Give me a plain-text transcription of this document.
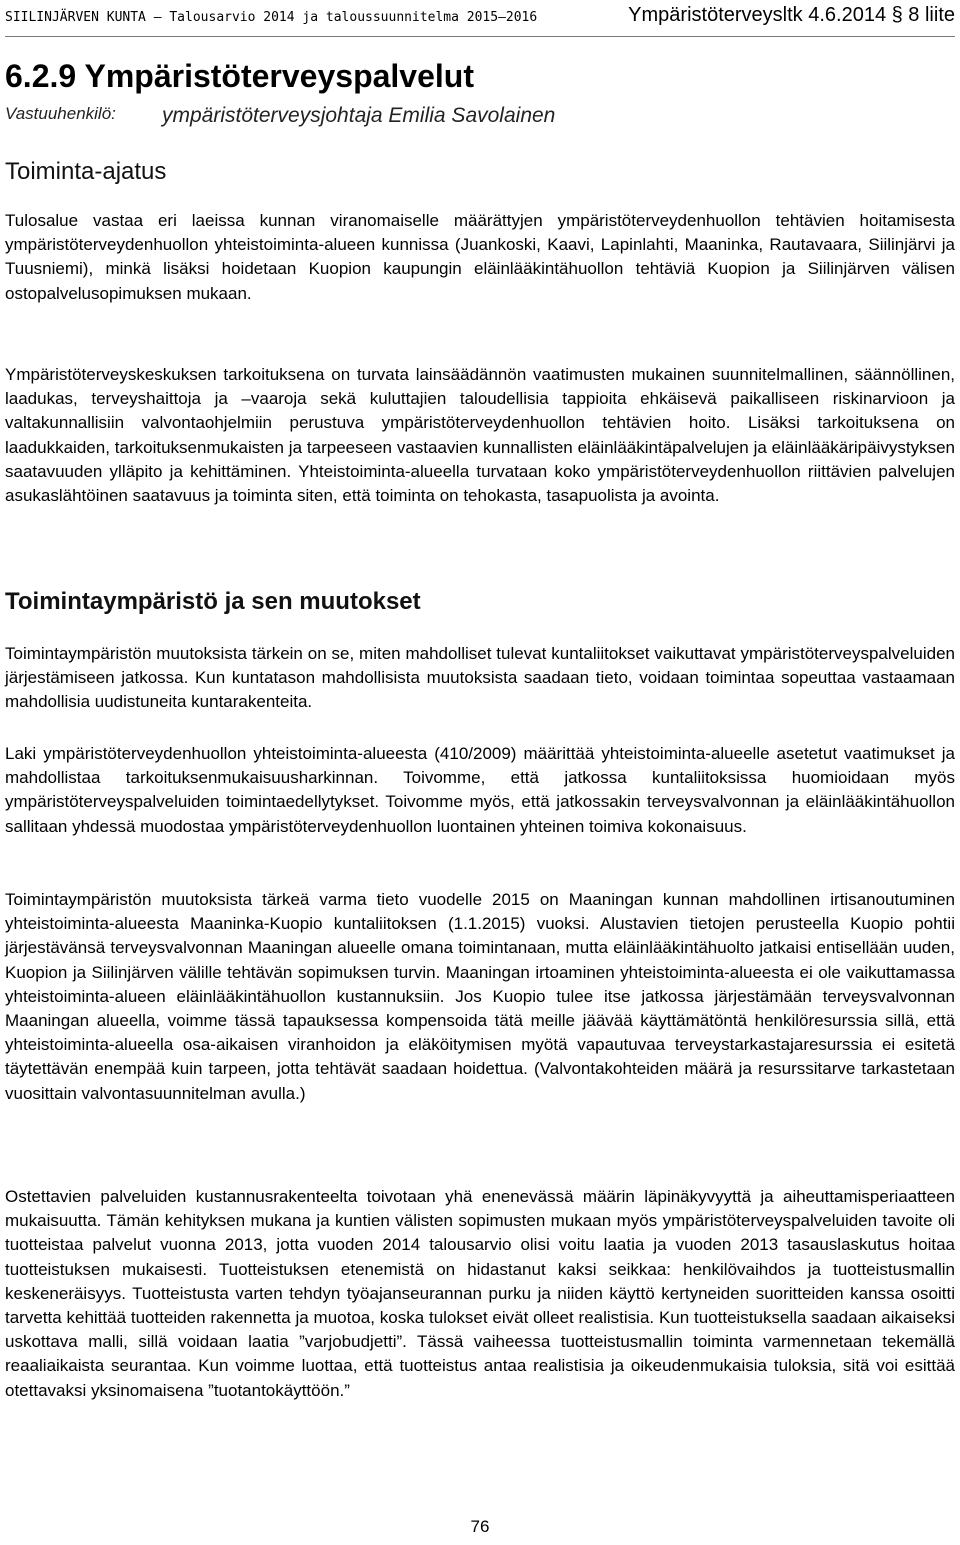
SIILINJÄRVEN KUNTA – Talousarvio 2014 ja taloussuunnitelma 2015–2016	Ympäristöterveysltk 4.6.2014 § 8 liite
6.2.9 Ympäristöterveyspalvelut
Vastuuhenkilö: ympäristöterveysjohtaja Emilia Savolainen
Toiminta-ajatus

Tulosalue vastaa eri laeissa kunnan viranomaiselle määrättyjen ympäristöterveydenhuollon tehtävien hoitamisesta ympäristöterveydenhuollon yhteistoiminta-alueen kunnissa (Juankoski, Kaavi, Lapinlahti, Maaninka, Rautavaara, Siilinjärvi ja Tuusniemi), minkä lisäksi hoidetaan Kuopion kaupungin eläinlääkintähuollon tehtäviä Kuopion ja Siilinjärven välisen ostopalvelusopimuksen mukaan.

Ympäristöterveyskeskuksen tarkoituksena on turvata lainsäädännön vaatimusten mukainen suunnitelmallinen, säännöllinen, laadukas, terveyshaittoja ja –vaaroja sekä kuluttajien taloudellisia tappioita ehkäisevä paikalliseen riskinarvioon ja valtakunnallisiin valvontaohjelmiin perustuva ympäristöterveydenhuollon tehtävien hoito. Lisäksi tarkoituksena on laadukkaiden, tarkoituksenmukaisten ja tarpeeseen vastaavien kunnallisten eläinlääkintäpalvelujen ja eläinlääkäripäivystyksen saatavuuden ylläpito ja kehittäminen. Yhteistoiminta-alueella turvataan koko ympäristöterveydenhuollon riittävien palvelujen asukaslähtöinen saatavuus ja toiminta siten, että toiminta on tehokasta, tasapuolista ja avointa.

Toimintaympäristö ja sen muutokset

Toimintaympäristön muutoksista tärkein on se, miten mahdolliset tulevat kuntaliitokset vaikuttavat ympäristöterveyspalveluiden järjestämiseen jatkossa. Kun kuntatason mahdollisista muutoksista saadaan tieto, voidaan toimintaa sopeuttaa vastaamaan mahdollisia uudistuneita kuntarakenteita.

Laki ympäristöterveydenhuollon yhteistoiminta-alueesta (410/2009) määrittää yhteistoiminta-alueelle asetetut vaatimukset ja mahdollistaa tarkoituksenmukaisuusharkinnan. Toivomme, että jatkossa kuntaliitoksissa huomioidaan myös ympäristöterveyspalveluiden toimintaedellytykset. Toivomme myös, että jatkossakin terveysvalvonnan ja eläinlääkintähuollon sallitaan yhdessä muodostaa ympäristöterveydenhuollon luontainen yhteinen toimiva kokonaisuus.

Toimintaympäristön muutoksista tärkeä varma tieto vuodelle 2015 on Maaningan kunnan mahdollinen irtisanoutuminen yhteistoiminta-alueesta Maaninka-Kuopio kuntaliitoksen (1.1.2015) vuoksi. Alustavien tietojen perusteella Kuopio pohtii järjestävänsä terveysvalvonnan Maaningan alueelle omana toimintanaan, mutta eläinlääkintähuolto jatkaisi entisellään uuden, Kuopion ja Siilinjärven välille tehtävän sopimuksen turvin. Maaningan irtoaminen yhteistoiminta-alueesta ei ole vaikuttamassa yhteistoiminta-alueen eläinlääkintähuollon kustannuksiin. Jos Kuopio tulee itse jatkossa järjestämään terveysvalvonnan Maaningan alueella, voimme tässä tapauksessa kompensoida tätä meille jäävää käyttämätöntä henkilöresurssia sillä, että yhteistoiminta-alueella osa-aikaisen viranhoidon ja eläköitymisen myötä vapautuvaa terveystarkastajaresurssia ei esitetä täytettävän enempää kuin tarpeen, jotta tehtävät saadaan hoidettua. (Valvontakohteiden määrä ja resurssitarve tarkastetaan vuosittain valvontasuunnitelman avulla.)

Ostettavien palveluiden kustannusrakenteelta toivotaan yhä enenevässä määrin läpinäkyvyyttä ja aiheuttamisperiaatteen mukaisuutta. Tämän kehityksen mukana ja kuntien välisten sopimusten mukaan myös ympäristöterveyspalveluiden tavoite oli tuotteistaa palvelut vuonna 2013, jotta vuoden 2014 talousarvio olisi voitu laatia ja vuoden 2013 tasauslaskutus hoitaa tuotteistuksen mukaisesti. Tuotteistuksen etenemistä on hidastanut kaksi seikkaa: henkilövaihdos ja tuotteistusmallin keskeneräisyys. Tuotteistusta varten tehdyn työajanseurannan purku ja niiden käyttö kertyneiden suoritteiden kanssa osoitti tarvetta kehittää tuotteiden rakennetta ja muotoa, koska tulokset eivät olleet realistisia. Kun tuotteistuksella saadaan aikaiseksi uskottava malli, sillä voidaan laatia ”varjobudjetti”. Tässä vaiheessa tuotteistusmallin toiminta varmennetaan tekemällä reaaliaikaista seurantaa. Kun voimme luottaa, että tuotteistus antaa realistisia ja oikeudenmukaisia tuloksia, sitä voi esittää otettavaksi yksinomaisena ”tuotantokäyttöön.”

76
